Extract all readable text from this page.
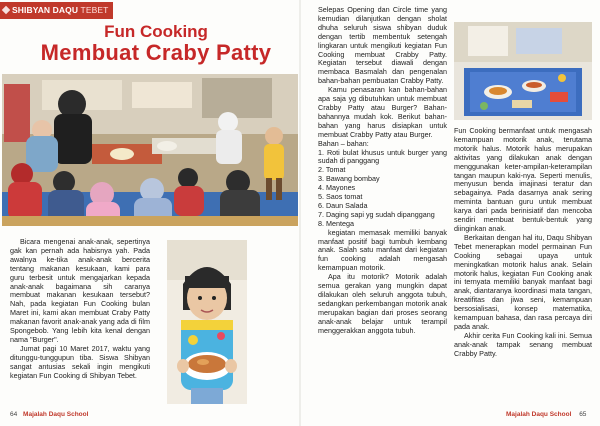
SHIBYAN DAQU TEBET
Fun Cooking
Membuat Craby Patty

Bicara mengenai anak-anak, sepertinya gak kan pernah ada habisnya yah. Pada awalnya ke-tika anak-anak bercerita tentang makanan kesukaan, kami para guru terbesit untuk mengajarkan kepada anak-anak bagaimana sih caranya membuat makanan kesukaan tersebut? Nah, pada kegiatan Fun Cooking bulan Maret ini, kami akan membuat Craby Patty makanan favorit anak-anak yang ada di film Spongebob. Yang lebih kita kenal dengan nama "Burger".

Jumat pagi 10 Maret 2017, waktu yang ditunggu-tunggupun tiba. Siswa Shibyan sangat antusias sekali ingin mengikuti kegiatan Fun Cooking di Shibyan Tebet.

Selepas Opening dan Circle time yang kemudian dilanjutkan dengan sholat dhuha seluruh siswa shibyan duduk dengan tertib membentuk setengah lingkaran untuk mengikuti kegiatan Fun Cooking membuat Crabby Patty. Kegiatan tersebut diawali dengan membaca Basmalah dan pengenalan bahan-bahan pembuatan Crabby Patty.

Kamu penasaran kan bahan-bahan apa saja yg dibutuhkan untuk membuat Crabby Patty atau Burger? Bahan-bahannya mudah kok. Berikut bahan-bahan yang harus disiapkan untuk membuat Crabby Patty atau Burger.

Bahan – bahan:

1. Roti bulat khusus untuk burger yang sudah di panggang
2. Tomat
3. Bawang bombay
4. Mayones
5. Saos tomat
6. Daun Salada
7. Daging sapi yg sudah dipanggang
8. Mentega

kegiatan memasak memiliki banyak manfaat positif bagi tumbuh kembang anak. Salah satu manfaat dari kegiatan fun cooking adalah mengasah kemampuan motorik.

Apa itu motorik? Motorik adalah semua gerakan yang mungkin dapat dilakukan oleh seluruh anggota tubuh, sedangkan perkembangan motorik anak merupakan bagian dari proses seorang anak-anak belajar untuk terampil menggerakkan anggota tubuh.

Fun Cooking bermanfaat untuk mengasah kemampuan motorik anak, terutama motorik halus. Motorik halus merupakan aktivitas yang dilakukan anak dengan menggunakan keter-ampilan-keterampilan tangan maupun kaki-nya. Seperti menulis, menyusun benda imajinasi teratur dan sebagainya. Pada dasarnya anak sering meminta bantuan guru untuk membuat karya dari pada berinisiatif dan mencoba sendiri membuat bentuk-bentuk yang diinginkan anak.

Berkaitan dengan hal itu, Daqu Shibyan Tebet menerapkan model permainan Fun Cooking sebagai upaya untuk meningkatkan motorik halus anak. Selain motorik halus, kegiatan Fun Cooking anak ini ternyata memiliki banyak manfaat bagi anak, diantaranya koordinasi mata tangan, kreatifitas dan jiwa seni, kemampuan bersosialisasi, konsep matematika, kemampuan bahasa, dan rasa percaya diri pada anak.

Akhir cerita Fun Cooking kali ini. Semua anak-anak tampak senang membuat Crabby Patty.

64 Majalah Daqu School	Majalah Daqu School 65
